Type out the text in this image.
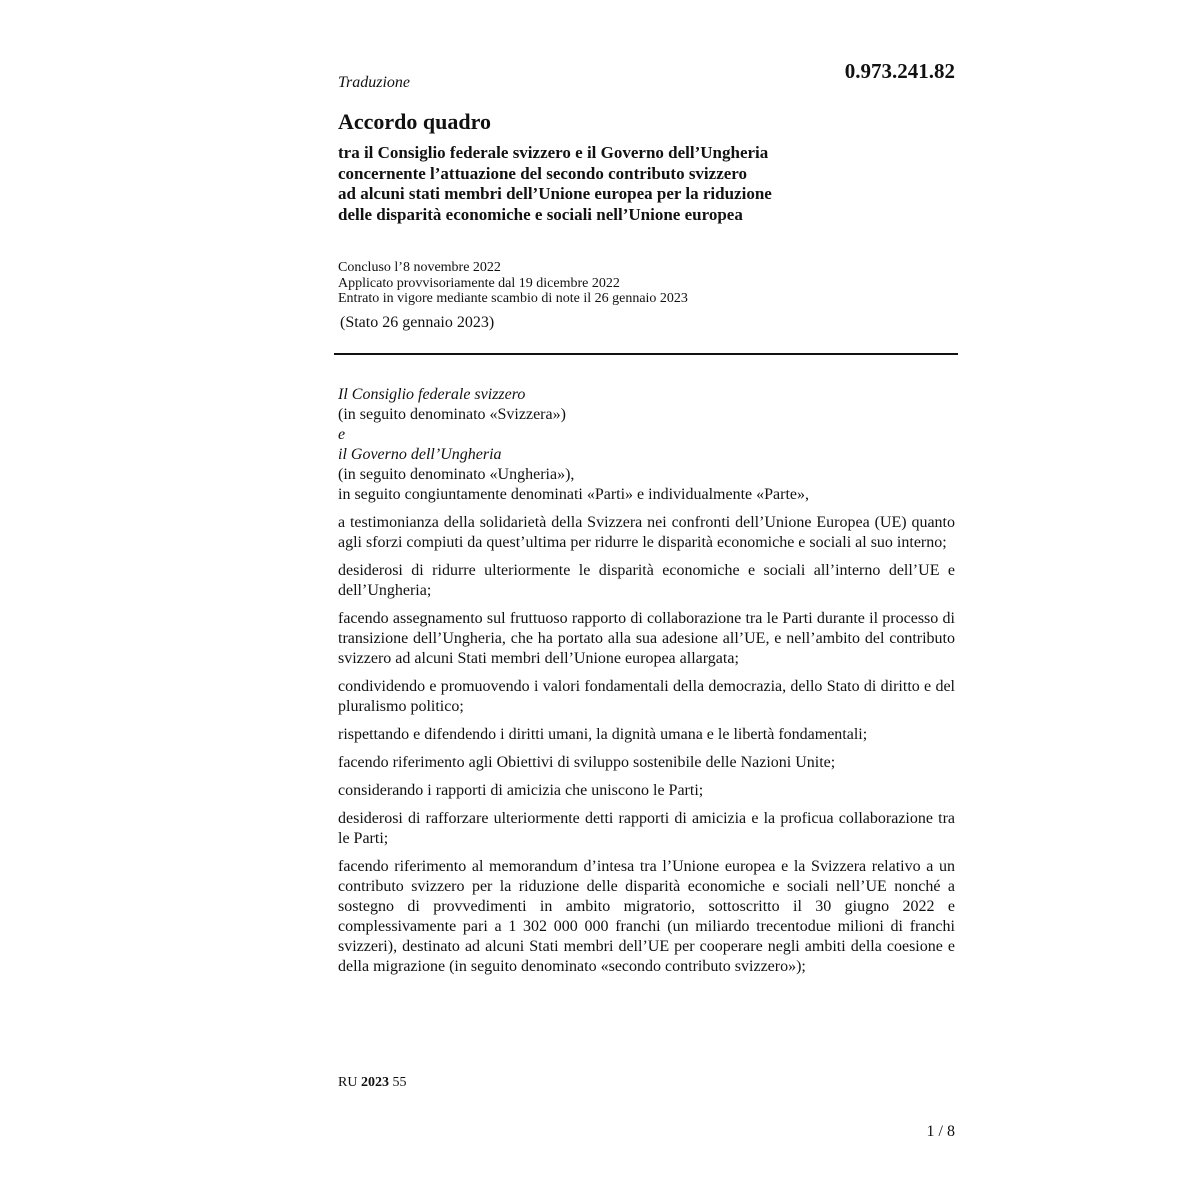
0.973.241.82
Traduzione
Accordo quadro
tra il Consiglio federale svizzero e il Governo dell’Ungheria
concernente l’attuazione del secondo contributo svizzero
ad alcuni stati membri dell’Unione europea per la riduzione
delle disparità economiche e sociali nell’Unione europea
Concluso l’8 novembre 2022
Applicato provvisoriamente dal 19 dicembre 2022
Entrato in vigore mediante scambio di note il 26 gennaio 2023
(Stato 26 gennaio 2023)
Il Consiglio federale svizzero
(in seguito denominato «Svizzera»)
e
il Governo dell’Ungheria
(in seguito denominato «Ungheria»),
in seguito congiuntamente denominati «Parti» e individualmente «Parte»,

a testimonianza della solidarietà della Svizzera nei confronti dell’Unione Europea (UE) quanto agli sforzi compiuti da quest’ultima per ridurre le disparità economiche e sociali al suo interno;

desiderosi di ridurre ulteriormente le disparità economiche e sociali all’interno dell’UE e dell’Ungheria;

facendo assegnamento sul fruttuoso rapporto di collaborazione tra le Parti durante il processo di transizione dell’Ungheria, che ha portato alla sua adesione all’UE, e nell’ambito del contributo svizzero ad alcuni Stati membri dell’Unione europea allargata;

condividendo e promuovendo i valori fondamentali della democrazia, dello Stato di diritto e del pluralismo politico;

rispettando e difendendo i diritti umani, la dignità umana e le libertà fondamentali;

facendo riferimento agli Obiettivi di sviluppo sostenibile delle Nazioni Unite;

considerando i rapporti di amicizia che uniscono le Parti;

desiderosi di rafforzare ulteriormente detti rapporti di amicizia e la proficua collaborazione tra le Parti;

facendo riferimento al memorandum d’intesa tra l’Unione europea e la Svizzera relativo a un contributo svizzero per la riduzione delle disparità economiche e sociali nell’UE nonché a sostegno di provvedimenti in ambito migratorio, sottoscritto il 30 giugno 2022 e complessivamente pari a 1 302 000 000 franchi (un miliardo trecentodue milioni di franchi svizzeri), destinato ad alcuni Stati membri dell’UE per cooperare negli ambiti della coesione e della migrazione (in seguito denominato «secondo contributo svizzero»);

RU 2023 55
1 / 8
